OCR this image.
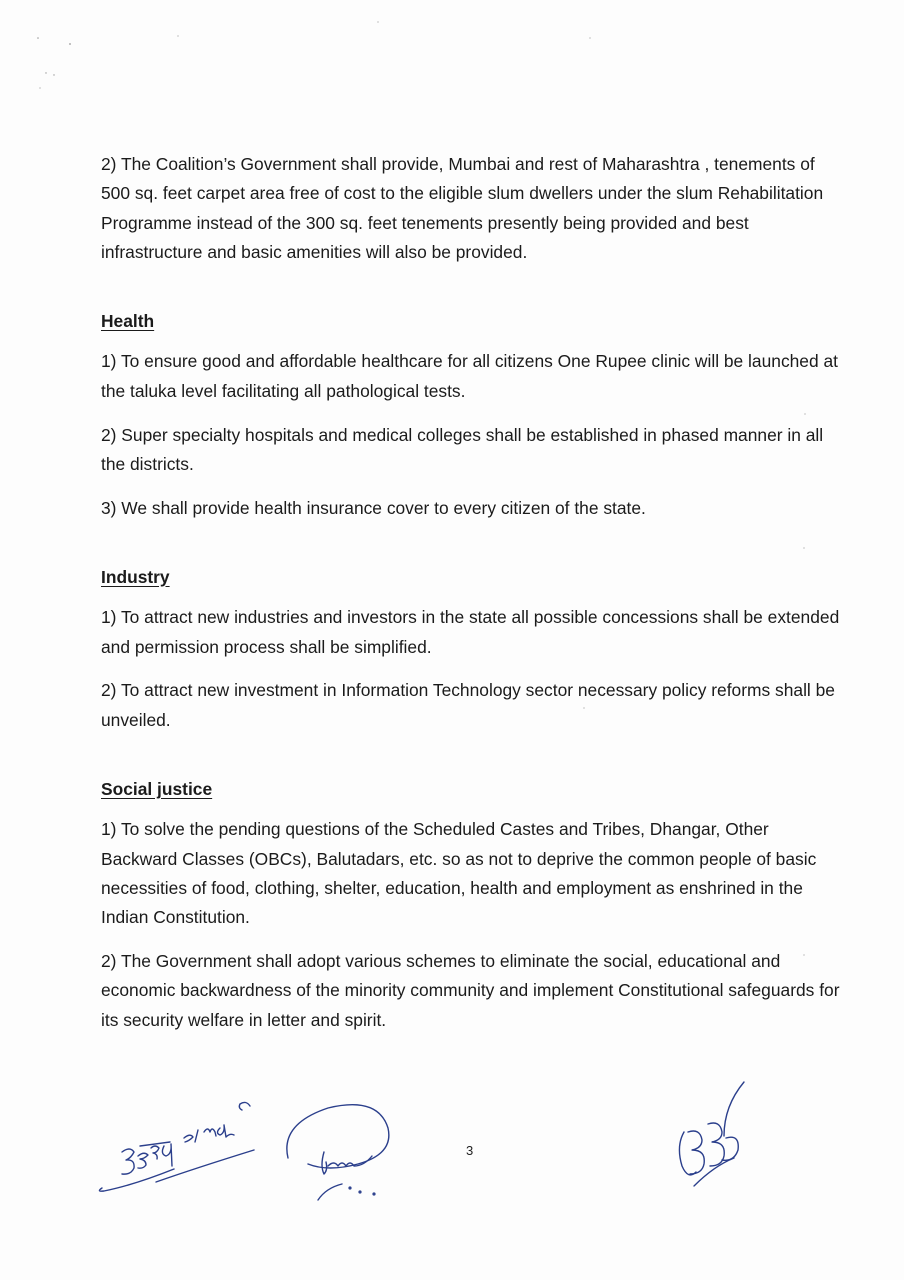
2) The Coalition’s Government shall provide, Mumbai and rest of Maharashtra , tenements of 500 sq. feet carpet area free of cost to the eligible slum dwellers under the slum Rehabilitation Programme instead of the 300 sq. feet tenements presently being provided and best infrastructure and basic amenities will also be provided.

Health

1) To ensure good and affordable healthcare for all citizens One Rupee clinic will be launched at the taluka level facilitating all pathological tests.

2) Super specialty hospitals and medical colleges shall be established in phased manner in all the districts.

3) We shall provide health insurance cover to every citizen of the state.

Industry

1) To attract new industries and investors in the state all possible concessions shall be extended and permission process shall be simplified.

2) To attract new investment in Information Technology sector necessary policy reforms shall be unveiled.

Social justice

1) To solve the pending questions of the Scheduled Castes and Tribes, Dhangar, Other Backward Classes (OBCs), Balutadars, etc. so as not to deprive the common people of basic necessities of food, clothing, shelter, education, health and employment as enshrined in the Indian Constitution.

2) The Government shall adopt various schemes to eliminate the social, educational and economic backwardness of the minority community and implement Constitutional safeguards for its security welfare in letter and spirit.

3
